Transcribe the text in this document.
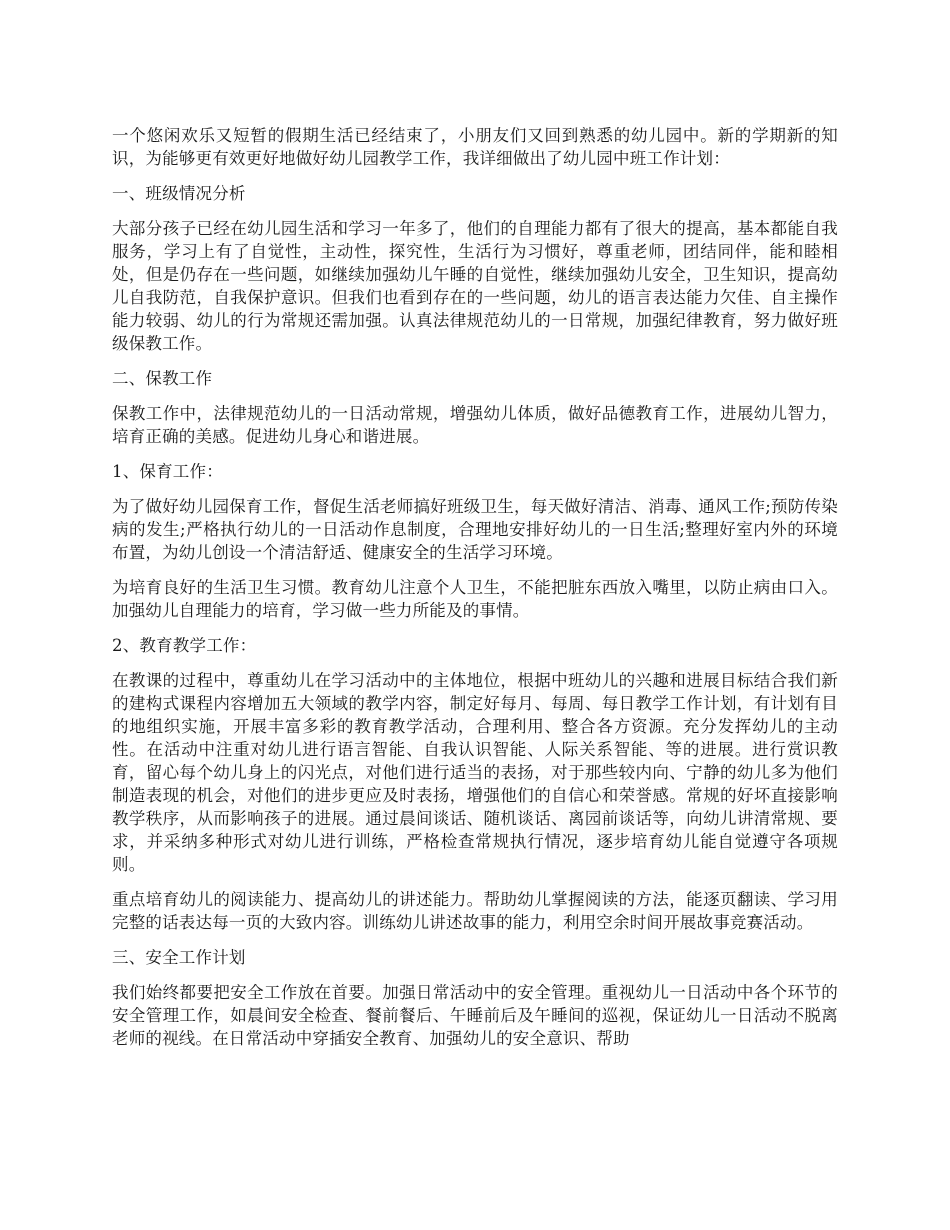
一个悠闲欢乐又短暂的假期生活已经结束了，小朋友们又回到熟悉的幼儿园中。新的学期新的知识，为能够更有效更好地做好幼儿园教学工作，我详细做出了幼儿园中班工作计划：

一、班级情况分析

大部分孩子已经在幼儿园生活和学习一年多了，他们的自理能力都有了很大的提高，基本都能自我服务，学习上有了自觉性，主动性，探究性，生活行为习惯好，尊重老师，团结同伴，能和睦相处，但是仍存在一些问题，如继续加强幼儿午睡的自觉性，继续加强幼儿安全，卫生知识，提高幼儿自我防范，自我保护意识。但我们也看到存在的一些问题，幼儿的语言表达能力欠佳、自主操作能力较弱、幼儿的行为常规还需加强。认真法律规范幼儿的一日常规，加强纪律教育，努力做好班级保教工作。

二、保教工作

保教工作中，法律规范幼儿的一日活动常规，增强幼儿体质，做好品德教育工作，进展幼儿智力，培育正确的美感。促进幼儿身心和谐进展。

1、保育工作：

为了做好幼儿园保育工作，督促生活老师搞好班级卫生，每天做好清洁、消毒、通风工作;预防传染病的发生;严格执行幼儿的一日活动作息制度，合理地安排好幼儿的一日生活;整理好室内外的环境布置，为幼儿创设一个清洁舒适、健康安全的生活学习环境。

为培育良好的生活卫生习惯。教育幼儿注意个人卫生，不能把脏东西放入嘴里，以防止病由口入。加强幼儿自理能力的培育，学习做一些力所能及的事情。

2、教育教学工作：

在教课的过程中，尊重幼儿在学习活动中的主体地位，根据中班幼儿的兴趣和进展目标结合我们新的建构式课程内容增加五大领域的教学内容，制定好每月、每周、每日教学工作计划，有计划有目的地组织实施，开展丰富多彩的教育教学活动，合理利用、整合各方资源。充分发挥幼儿的主动性。在活动中注重对幼儿进行语言智能、自我认识智能、人际关系智能、等的进展。进行赏识教育，留心每个幼儿身上的闪光点，对他们进行适当的表扬，对于那些较内向、宁静的幼儿多为他们制造表现的机会，对他们的进步更应及时表扬，增强他们的自信心和荣誉感。常规的好坏直接影响教学秩序，从而影响孩子的进展。通过晨间谈话、随机谈话、离园前谈话等，向幼儿讲清常规、要求，并采纳多种形式对幼儿进行训练，严格检查常规执行情况，逐步培育幼儿能自觉遵守各项规则。

重点培育幼儿的阅读能力、提高幼儿的讲述能力。帮助幼儿掌握阅读的方法，能逐页翻读、学习用完整的话表达每一页的大致内容。训练幼儿讲述故事的能力，利用空余时间开展故事竞赛活动。

三、安全工作计划

我们始终都要把安全工作放在首要。加强日常活动中的安全管理。重视幼儿一日活动中各个环节的安全管理工作，如晨间安全检查、餐前餐后、午睡前后及午睡间的巡视，保证幼儿一日活动不脱离老师的视线。在日常活动中穿插安全教育、加强幼儿的安全意识、帮助
